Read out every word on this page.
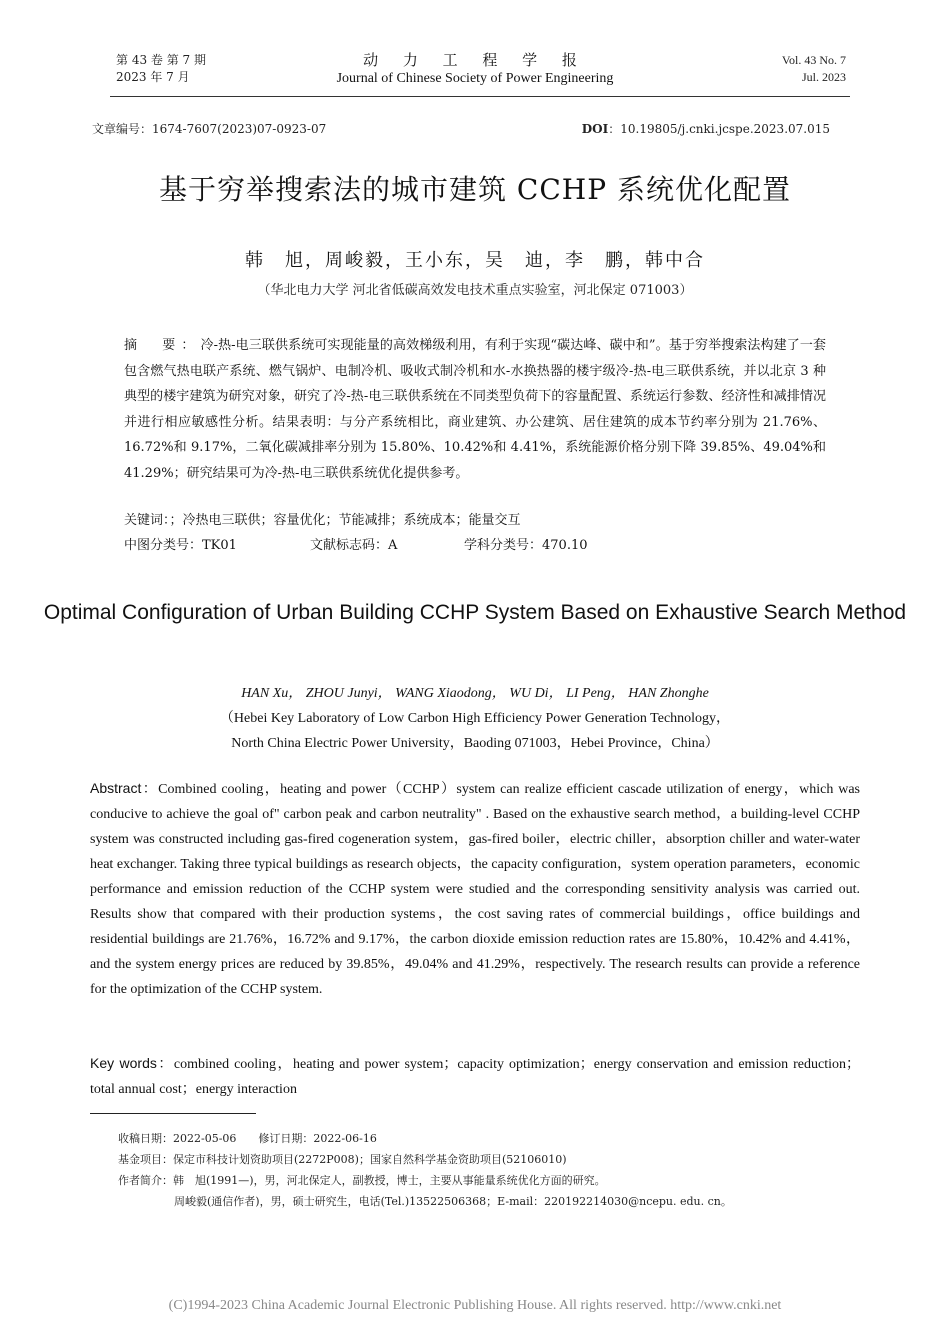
第 43 卷 第 7 期
2023 年 7 月
动 力 工 程 学 报
Journal of Chinese Society of Power Engineering
Vol. 43 No. 7
Jul. 2023
文章编号：1674-7607(2023)07-0923-07	DOI：10.19805/j.cnki.jcspe.2023.07.015
基于穷举搜索法的城市建筑 CCHP 系统优化配置
韩　旭，周峻毅，王小东，吴　迪，李　鹏，韩中合
（华北电力大学 河北省低碳高效发电技术重点实验室，河北保定 071003）
摘　要：冷-热-电三联供系统可实现能量的高效梯级利用，有利于实现“碳达峰、碳中和”。基于穷举搜索法构建了一套包含燃气热电联产系统、燃气锅炉、电制冷机、吸收式制冷机和水-水换热器的楼宇级冷-热-电三联供系统，并以北京 3 种典型的楼宇建筑为研究对象，研究了冷-热-电三联供系统在不同类型负荷下的容量配置、系统运行参数、经济性和减排情况并进行相应敏感性分析。结果表明：与分产系统相比，商业建筑、办公建筑、居住建筑的成本节约率分别为 21.76%、16.72%和 9.17%，二氧化碳减排率分别为 15.80%、10.42%和 4.41%，系统能源价格分别下降 39.85%、49.04%和 41.29%；研究结果可为冷-热-电三联供系统优化提供参考。
关键词：；冷热电三联供；容量优化；节能减排；系统成本；能量交互
中图分类号：TK01	文献标志码：A	学科分类号：470.10
Optimal Configuration of Urban Building CCHP System Based on Exhaustive Search Method
HAN Xu， ZHOU Junyi， WANG Xiaodong， WU Di， LI Peng， HAN Zhonghe
（Hebei Key Laboratory of Low Carbon High Efficiency Power Generation Technology，
North China Electric Power University，Baoding 071003，Hebei Province，China）
Abstract：Combined cooling，heating and power（CCHP）system can realize efficient cascade utilization of energy，which was conducive to achieve the goal of" carbon peak and carbon neutrality" . Based on the exhaustive search method，a building-level CCHP system was constructed including gas-fired cogeneration system，gas-fired boiler，electric chiller，absorption chiller and water-water heat exchanger. Taking three typical buildings as research objects，the capacity configuration，system operation parameters，economic performance and emission reduction of the CCHP system were studied and the corresponding sensitivity analysis was carried out. Results show that compared with their production systems，the cost saving rates of commercial buildings，office buildings and residential buildings are 21.76%，16.72% and 9.17%，the carbon dioxide emission reduction rates are 15.80%，10.42% and 4.41%，and the system energy prices are reduced by 39.85%，49.04% and 41.29%，respectively. The research results can provide a reference for the optimization of the CCHP system.
Key words：combined cooling，heating and power system；capacity optimization；energy conservation and emission reduction；total annual cost；energy interaction
收稿日期：2022-05-06　　修订日期：2022-06-16
基金项目：保定市科技计划资助项目(2272P008)；国家自然科学基金资助项目(52106010)
作者简介：韩　旭(1991—)，男，河北保定人，副教授，博士，主要从事能量系统优化方面的研究。
周峻毅(通信作者)，男，硕士研究生，电话(Tel.)13522506368；E-mail：220192214030@ncepu. edu. cn。
(C)1994-2023 China Academic Journal Electronic Publishing House. All rights reserved. http://www.cnki.net
